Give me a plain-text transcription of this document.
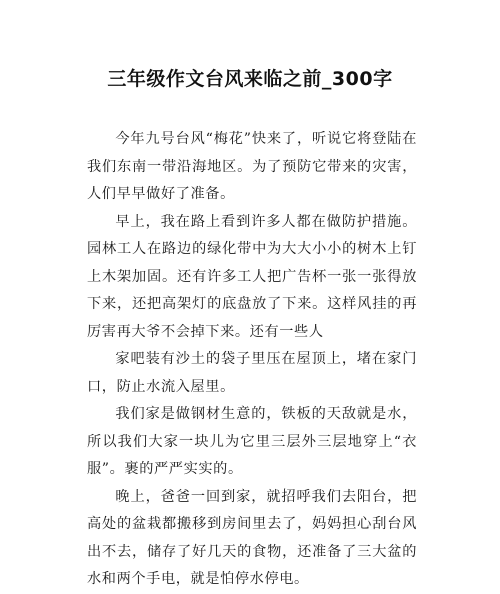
三年级作文台风来临之前_300字

今年九号台风“梅花”快来了，听说它将登陆在我们东南一带沿海地区。为了预防它带来的灾害，人们早早做好了准备。

早上，我在路上看到许多人都在做防护措施。园林工人在路边的绿化带中为大大小小的树木上钉上木架加固。还有许多工人把广告杯一张一张得放下来，还把高架灯的底盘放了下来。这样风挂的再厉害再大爷不会掉下来。还有一些人

家吧装有沙土的袋子里压在屋顶上，堵在家门口，防止水流入屋里。

我们家是做钢材生意的，铁板的天敌就是水，所以我们大家一块儿为它里三层外三层地穿上“衣服”。裹的严严实实的。

晚上，爸爸一回到家，就招呼我们去阳台，把高处的盆栽都搬移到房间里去了，妈妈担心刮台风出不去，储存了好几天的食物，还准备了三大盆的水和两个手电，就是怕停水停电。
